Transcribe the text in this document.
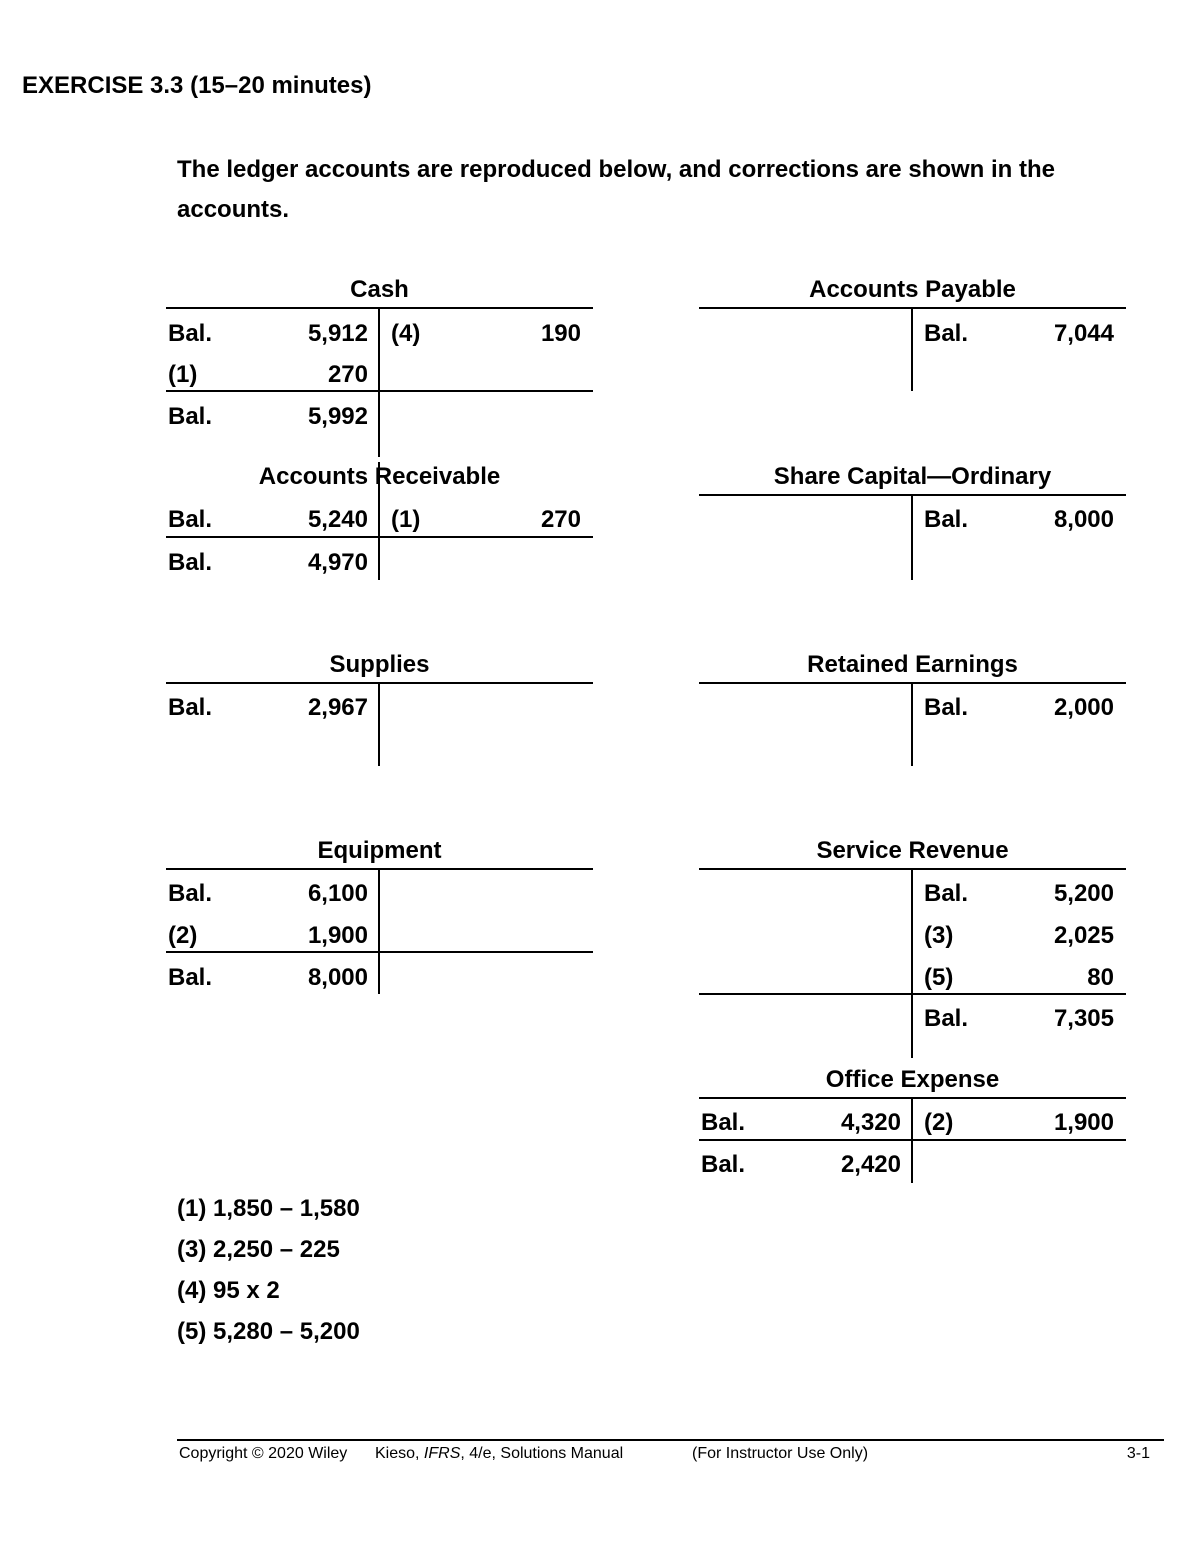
EXERCISE 3.3 (15–20 minutes)
The ledger accounts are reproduced below, and corrections are shown in the accounts.
Cash
Bal.	5,912 (4)	190
(1)	270
Bal.	5,992
Accounts Receivable
Bal.	5,240 (1)	270
Bal.	4,970
Supplies
Bal.	2,967
Equipment
Bal.	6,100
(2)	1,900
Bal.	8,000
Accounts Payable
Bal.	7,044
Share Capital—Ordinary
Bal.	8,000
Retained Earnings
Bal.	2,000
Service Revenue
Bal.	5,200
(3)	2,025
(5)	80
Bal.	7,305
Office Expense
Bal.	4,320 (2)	1,900
Bal.	2,420
(1) 1,850 – 1,580
(3) 2,250 – 225
(4) 95 x 2
(5) 5,280 – 5,200
Copyright © 2020 Wiley Kieso, IFRS, 4/e, Solutions Manual	(For Instructor Use Only)	3-1
